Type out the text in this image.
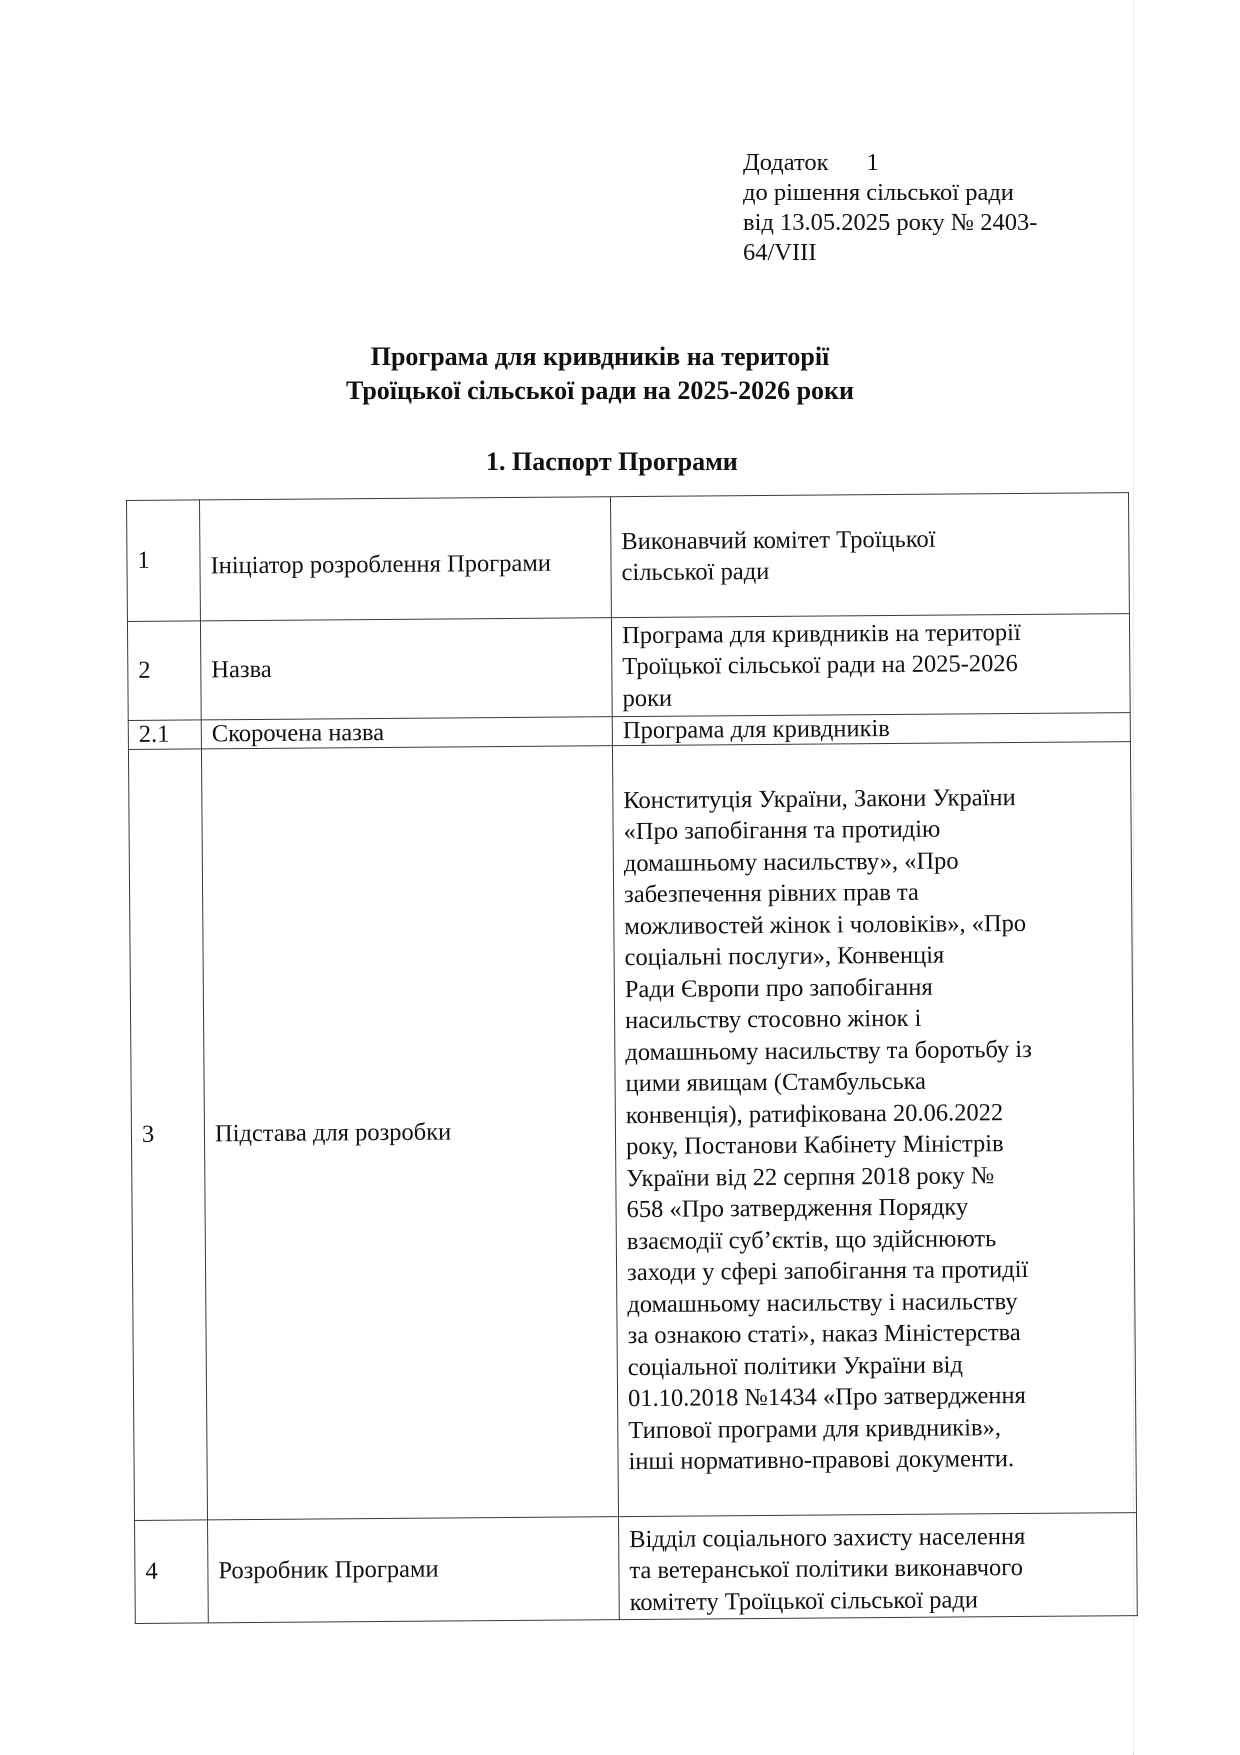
Додаток 1
до рішення сільської ради
від 13.05.2025 року № 2403-
64/VIII
Програма для кривдників на території
Троїцької сільської ради на 2025-2026 роки
1. Паспорт Програми
1	Ініціатор розроблення Програми	Виконавчий комітет Троїцької
сільської ради

2	Назва	Програма для кривдників на території
Троїцької сільської ради на 2025-2026
роки

2.1	Скорочена назва	Програма для кривдників

3	Підстава для розробки	
Конституція України, Закони України
«Про запобігання та протидію
домашньому насильству», «Про
забезпечення рівних прав та
можливостей жінок і чоловіків», «Про
соціальні послуги», Конвенція
Ради Європи про запобігання
насильству стосовно жінок і
домашньому насильству та боротьбу із
цими явищам (Стамбульська
конвенція), ратифікована 20.06.2022
року, Постанови Кабінету Міністрів
України від 22 серпня 2018 року №
658 «Про затвердження Порядку
взаємодії суб’єктів, що здійснюють
заходи у сфері запобігання та протидії
домашньому насильству і насильству
за ознакою статі», наказ Міністерства
соціальної політики України від
01.10.2018 №1434 «Про затвердження
Типової програми для кривдників»,
інші нормативно-правові документи.

4	Розробник Програми	Відділ соціального захисту населення
та ветеранської політики виконавчого
комітету Троїцької сільської ради
